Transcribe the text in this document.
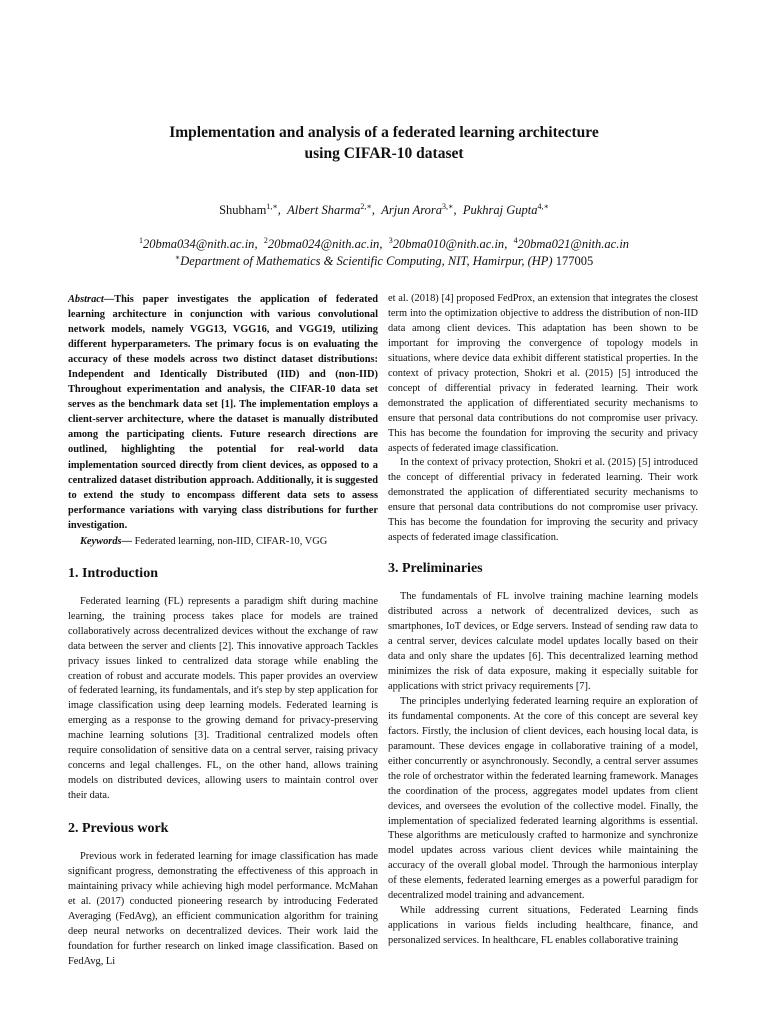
Implementation and analysis of a federated learning architecture
using CIFAR-10 dataset
Shubham$^{1,∗}$,  Albert Sharma$^{2,∗}$,  Arjun Arora$^{3,∗}$,  Pukhraj Gupta$^{4,∗}$
$^1$20bma034@nith.ac.in,  $^2$20bma024@nith.ac.in,  $^3$20bma010@nith.ac.in,  $^4$20bma021@nith.ac.in
∗Department of Mathematics & Scientific Computing, NIT, Hamirpur, (HP) 177005

Abstract—This paper investigates the application of federated learning architecture in conjunction with various convolutional network models, namely VGG13, VGG16, and VGG19, utilizing different hyperparameters. The primary focus is on evaluating the accuracy of these models across two distinct dataset distributions: Independent and Identically Distributed (IID) and (non-IID) Throughout experimentation and analysis, the CIFAR-10 data set serves as the benchmark data set [1]. The implementation employs a client-server architecture, where the dataset is manually distributed among the participating clients. Future research directions are outlined, highlighting the potential for real-world data implementation sourced directly from client devices, as opposed to a centralized dataset distribution approach. Additionally, it is suggested to extend the study to encompass different data sets to assess performance variations with varying class distributions for further investigation.

Keywords— Federated learning, non-IID, CIFAR-10, VGG

1. Introduction

Federated learning (FL) represents a paradigm shift during machine learning, the training process takes place for models are trained collaboratively across decentralized devices without the exchange of raw data between the server and clients [2]. This innovative approach Tackles privacy issues linked to centralized data storage while enabling the creation of robust and accurate models. This paper provides an overview of federated learning, its fundamentals, and it's step by step application for image classification using deep learning models. Federated learning is emerging as a response to the growing demand for privacy-preserving machine learning solutions [3]. Traditional centralized models often require consolidation of sensitive data on a central server, raising privacy concerns and legal challenges. FL, on the other hand, allows training models on distributed devices, allowing users to maintain control over their data.

2. Previous work

Previous work in federated learning for image classification has made significant progress, demonstrating the effectiveness of this approach in maintaining privacy while achieving high model performance. McMahan et al. (2017) conducted pioneering research by introducing Federated Averaging (FedAvg), an efficient communication algorithm for training deep neural networks on decentralized devices. Their work laid the foundation for further research on linked image classification. Based on FedAvg, Li

et al. (2018) [4] proposed FedProx, an extension that integrates the closest term into the optimization objective to address the distribution of non-IID data among client devices. This adaptation has been shown to be important for improving the convergence of topology models in situations, where device data exhibit different statistical properties. In the context of privacy protection, Shokri et al. (2015) [5] introduced the concept of differential privacy in federated learning. Their work demonstrated the application of differentiated security mechanisms to ensure that personal data contributions do not compromise user privacy. This has become the foundation for improving the security and privacy aspects of federated image classification.

In the context of privacy protection, Shokri et al. (2015) [5] introduced the concept of differential privacy in federated learning. Their work demonstrated the application of differentiated security mechanisms to ensure that personal data contributions do not compromise user privacy. This has become the foundation for improving the security and privacy aspects of federated image classification.

3. Preliminaries

The fundamentals of FL involve training machine learning models distributed across a network of decentralized devices, such as smartphones, IoT devices, or Edge servers. Instead of sending raw data to a central server, devices calculate model updates locally based on their data and only share the updates [6]. This decentralized learning method minimizes the risk of data exposure, making it especially suitable for applications with strict privacy requirements [7].

The principles underlying federated learning require an exploration of its fundamental components. At the core of this concept are several key factors. Firstly, the inclusion of client devices, each housing local data, is paramount. These devices engage in collaborative training of a model, either concurrently or asynchronously. Secondly, a central server assumes the role of orchestrator within the federated learning framework. Manages the coordination of the process, aggregates model updates from client devices, and oversees the evolution of the collective model. Finally, the implementation of specialized federated learning algorithms is essential. These algorithms are meticulously crafted to harmonize and synchronize model updates across various client devices while maintaining the accuracy of the overall global model. Through the harmonious interplay of these elements, federated learning emerges as a powerful paradigm for decentralized model training and advancement.

While addressing current situations, Federated Learning finds applications in various fields including healthcare, finance, and personalized services. In healthcare, FL enables collaborative training
